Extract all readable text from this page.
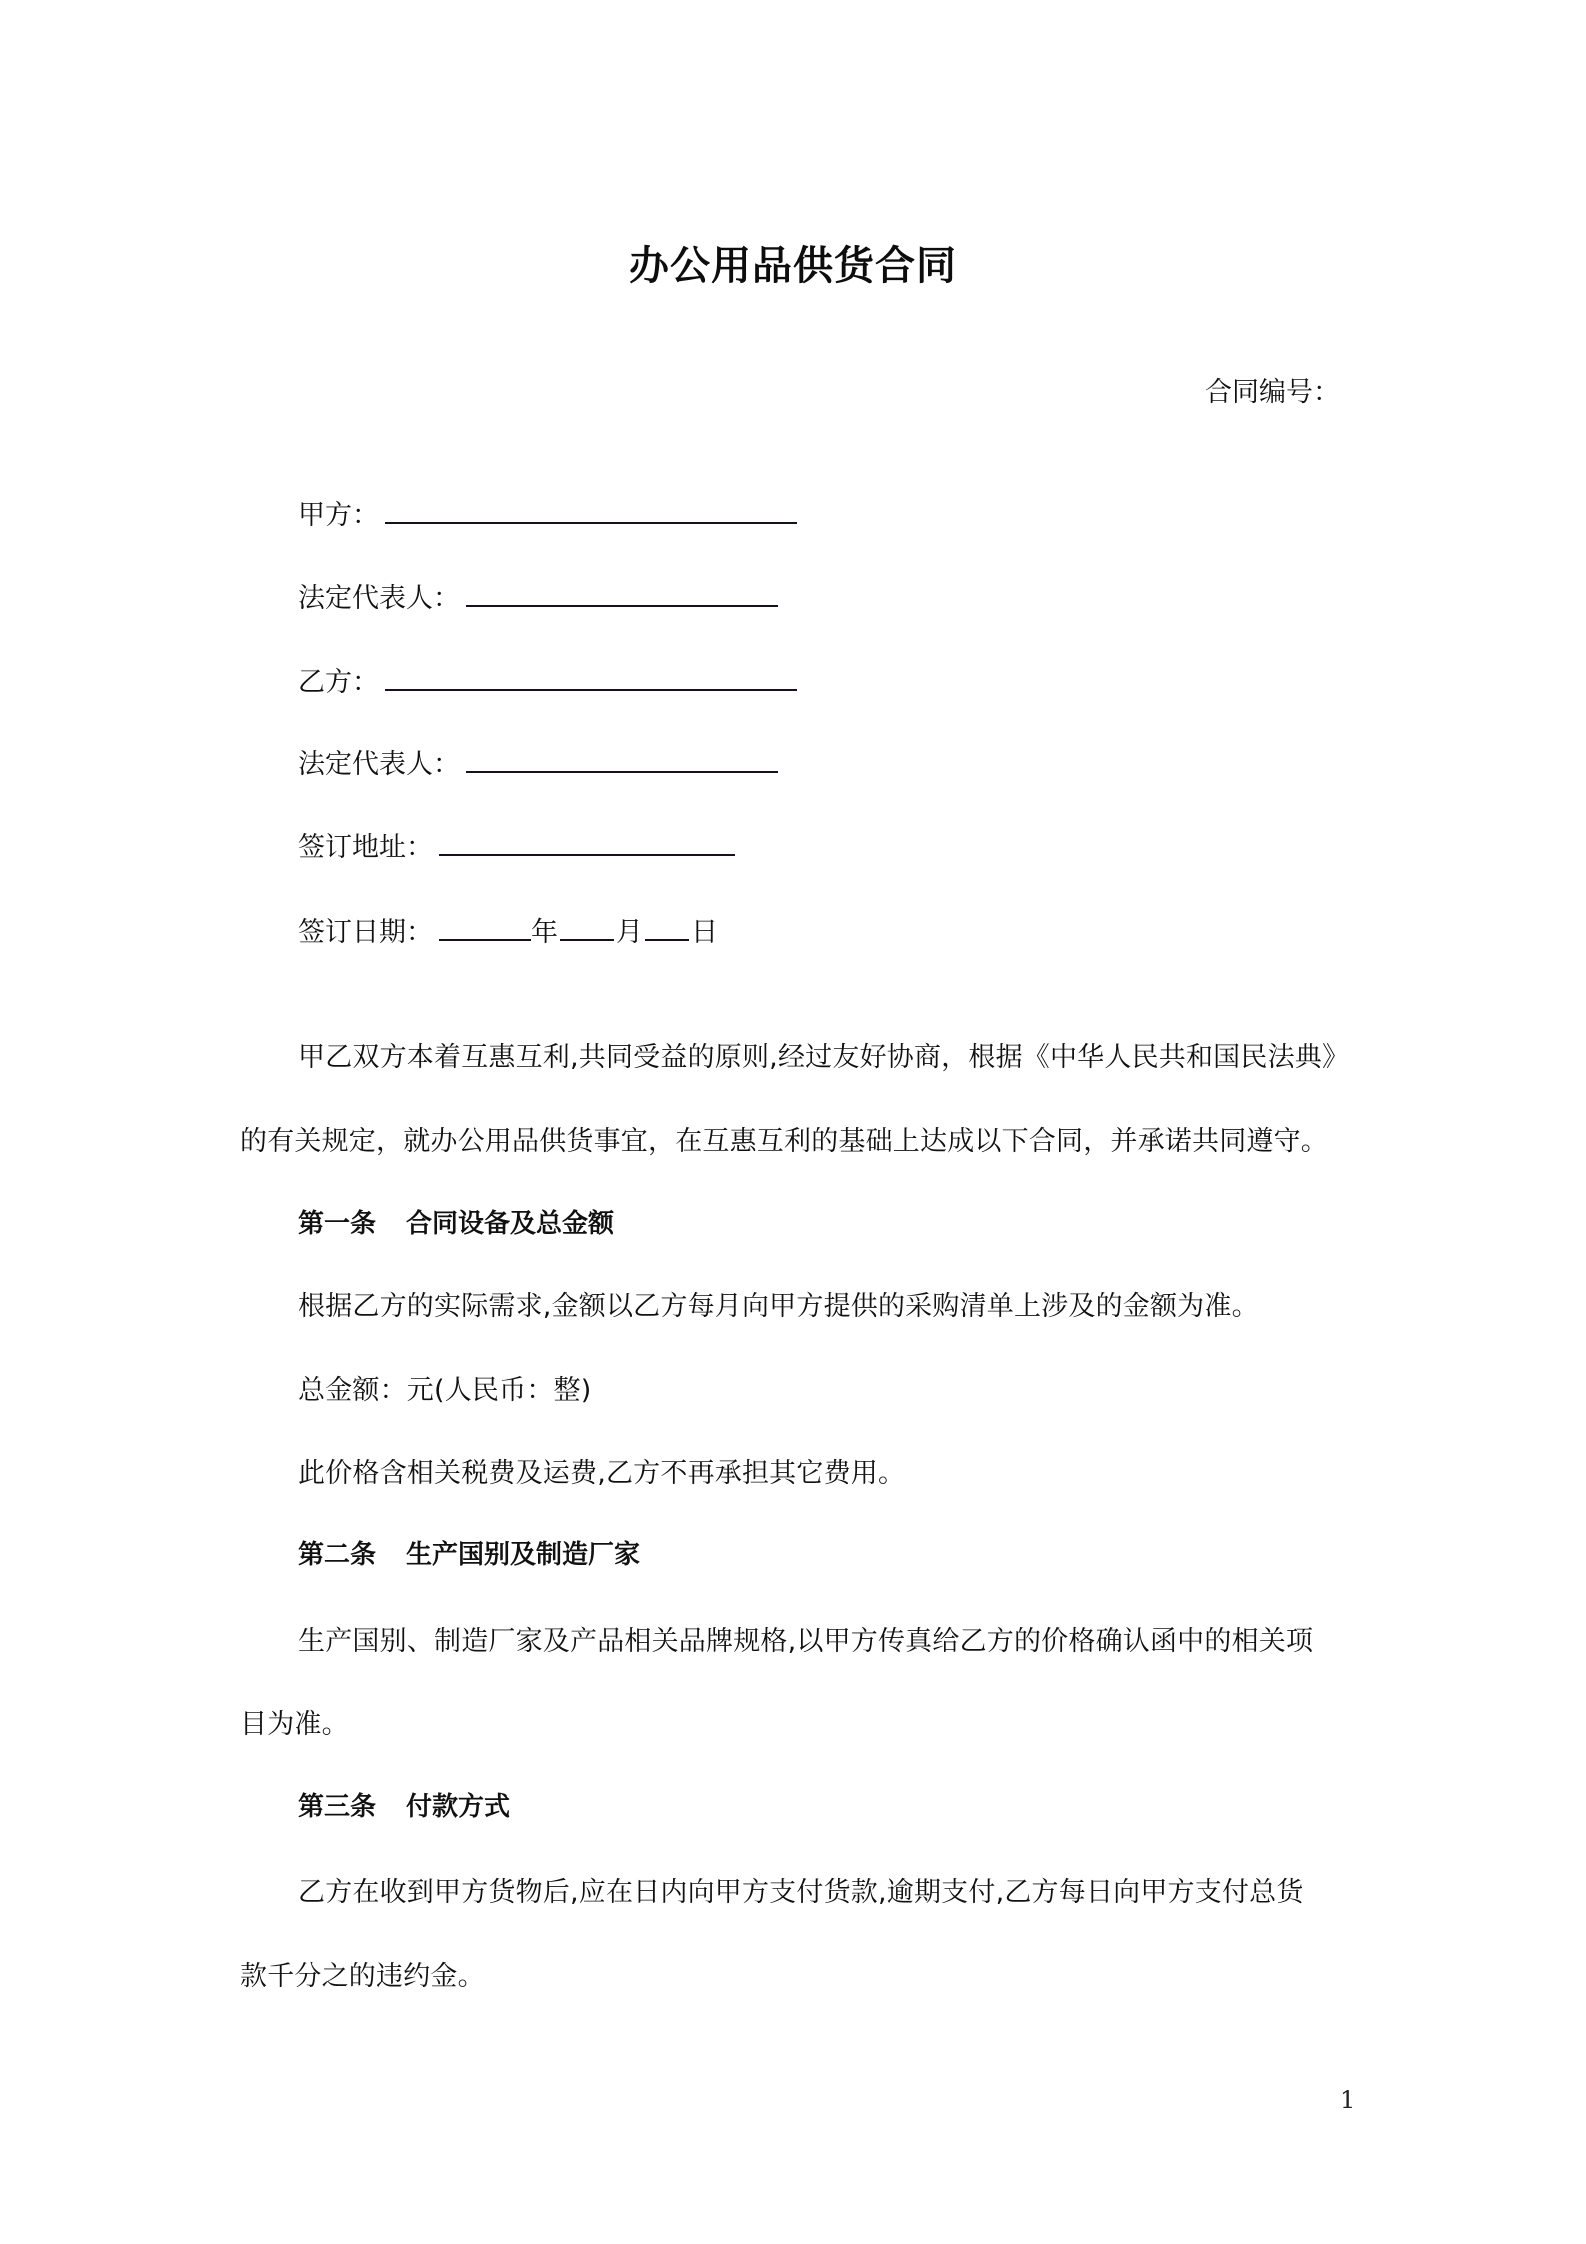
办公用品供货合同
合同编号：
甲方：
法定代表人：
乙方：
法定代表人：
签订地址：
签订日期：	年 月 日
甲乙双方本着互惠互利,共同受益的原则,经过友好协商，根据《中华人民共和国民法典》
的有关规定，就办公用品供货事宜，在互惠互利的基础上达成以下合同，并承诺共同遵守。
第一条 合同设备及总金额
根据乙方的实际需求,金额以乙方每月向甲方提供的采购清单上涉及的金额为准。
总金额：元(人民币：整)
此价格含相关税费及运费,乙方不再承担其它费用。
第二条 生产国别及制造厂家
生产国别、制造厂家及产品相关品牌规格,以甲方传真给乙方的价格确认函中的相关项
目为准。
第三条 付款方式
乙方在收到甲方货物后,应在日内向甲方支付货款,逾期支付,乙方每日向甲方支付总货
款千分之的违约金。
1
